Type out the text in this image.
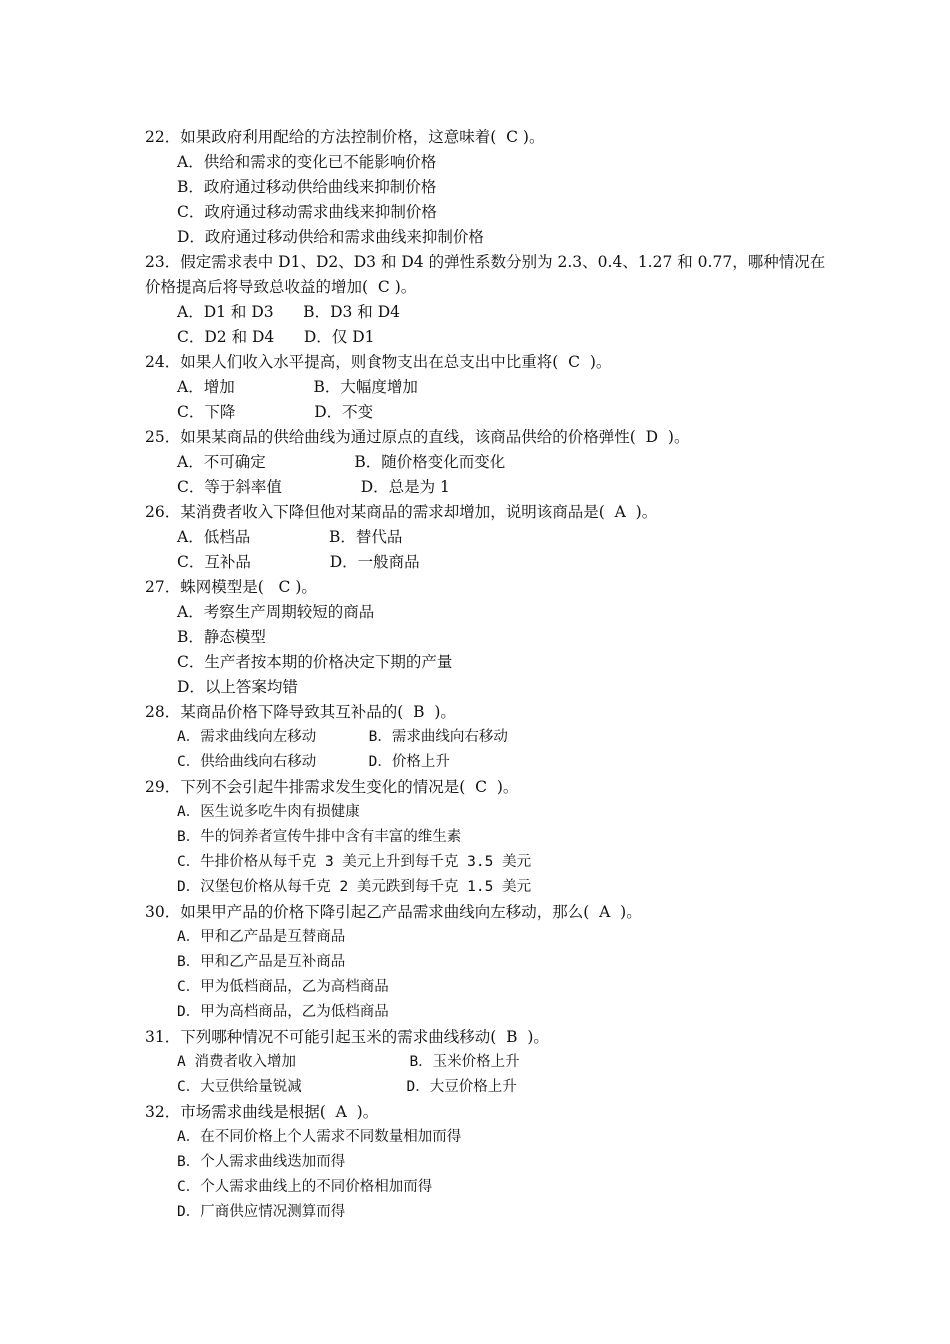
22．如果政府利用配给的方法控制价格，这意味着(  C )。
A．供给和需求的变化已不能影响价格
B．政府通过移动供给曲线来抑制价格
C．政府通过移动需求曲线来抑制价格
D．政府通过移动供给和需求曲线来抑制价格
23．假定需求表中 D1、D2、D3 和 D4 的弹性系数分别为 2.3、0.4、1.27 和 0.77，哪种情况在
价格提高后将导致总收益的增加(  C )。
A．D1 和 D3      B．D3 和 D4
C．D2 和 D4      D．仅 D1
24．如果人们收入水平提高，则食物支出在总支出中比重将(  C  )。
A．增加                B．大幅度增加
C．下降                D．不变
25．如果某商品的供给曲线为通过原点的直线，该商品供给的价格弹性(  D  )。
A．不可确定                  B．随价格变化而变化
C．等于斜率值                D．总是为 1
26．某消费者收入下降但他对某商品的需求却增加，说明该商品是(  A  )。
A．低档品                B．替代品
C．互补品                D．一般商品
27．蛛网模型是(   C )。
A．考察生产周期较短的商品
B．静态模型
C．生产者按本期的价格决定下期的产量
D．以上答案均错
28．某商品价格下降导致其互补品的(  B  )。
A．需求曲线向左移动      B．需求曲线向右移动
C．供给曲线向右移动      D．价格上升
29．下列不会引起牛排需求发生变化的情况是(  C  )。
A．医生说多吃牛肉有损健康
B．牛的饲养者宣传牛排中含有丰富的维生素
C．牛排价格从每千克 3 美元上升到每千克 3.5 美元
D．汉堡包价格从每千克 2 美元跌到每千克 1.5 美元
30．如果甲产品的价格下降引起乙产品需求曲线向左移动，那么(  A  )。
A．甲和乙产品是互替商品
B．甲和乙产品是互补商品
C．甲为低档商品，乙为高档商品
D．甲为高档商品，乙为低档商品
31．下列哪种情况不可能引起玉米的需求曲线移动(  B  )。
A 消费者收入增加             B．玉米价格上升
C．大豆供给量锐减            D．大豆价格上升
32．市场需求曲线是根据(  A  )。
A．在不同价格上个人需求不同数量相加而得
B．个人需求曲线迭加而得
C．个人需求曲线上的不同价格相加而得
D．厂商供应情况测算而得
